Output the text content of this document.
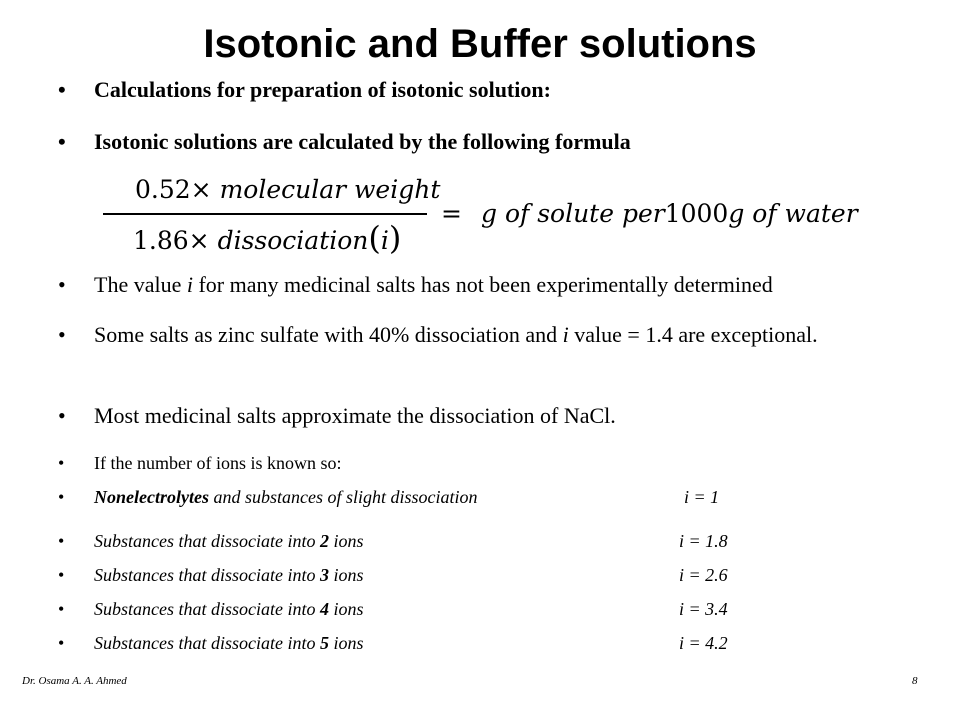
Isotonic and Buffer solutions
• Calculations for preparation of isotonic solution:
• Isotonic solutions are calculated by the following formula
0.52× molecular weight
1.86× dissociation(i)
= g of solute per1000g of water
• The value i for many medicinal salts has not been experimentally determined
• Some salts as zinc sulfate with 40% dissociation and i value = 1.4 are exceptional.
• Most medicinal salts approximate the dissociation of NaCl.
• If the number of ions is known so:
• Nonelectrolytes and substances of slight dissociation	i = 1
• Substances that dissociate into 2 ions	i = 1.8
• Substances that dissociate into 3 ions	i = 2.6
• Substances that dissociate into 4 ions	i = 3.4
• Substances that dissociate into 5 ions	i = 4.2
Dr. Osama A. A. Ahmed	8
